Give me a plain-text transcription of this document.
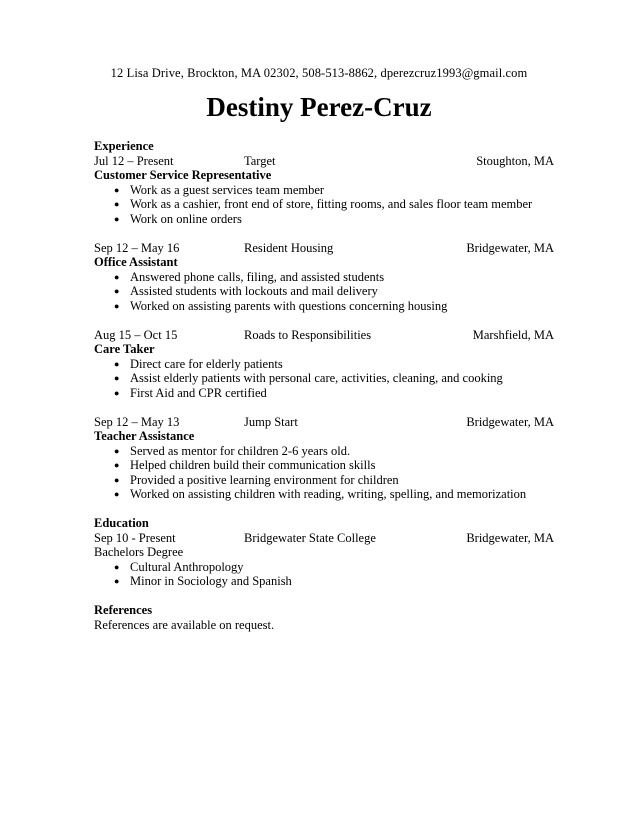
12 Lisa Drive, Brockton, MA 02302, 508-513-8862, dperezcruz1993@gmail.com
Destiny Perez-Cruz
Experience
Jul 12 – Present	Target	Stoughton, MA
Customer Service Representative
● Work as a guest services team member
● Work as a cashier, front end of store, fitting rooms, and sales floor team member
● Work on online orders
Sep 12 – May 16	Resident Housing	Bridgewater, MA
Office Assistant
● Answered phone calls, filing, and assisted students
● Assisted students with lockouts and mail delivery
● Worked on assisting parents with questions concerning housing
Aug 15 – Oct 15	Roads to Responsibilities	Marshfield, MA
Care Taker
● Direct care for elderly patients
● Assist elderly patients with personal care, activities, cleaning, and cooking
● First Aid and CPR certified
Sep 12 – May 13	Jump Start	Bridgewater, MA
Teacher Assistance
● Served as mentor for children 2-6 years old.
● Helped children build their communication skills
● Provided a positive learning environment for children
● Worked on assisting children with reading, writing, spelling, and memorization
Education
Sep 10 - Present	Bridgewater State College	Bridgewater, MA
Bachelors Degree
● Cultural Anthropology
● Minor in Sociology and Spanish
References
References are available on request.
